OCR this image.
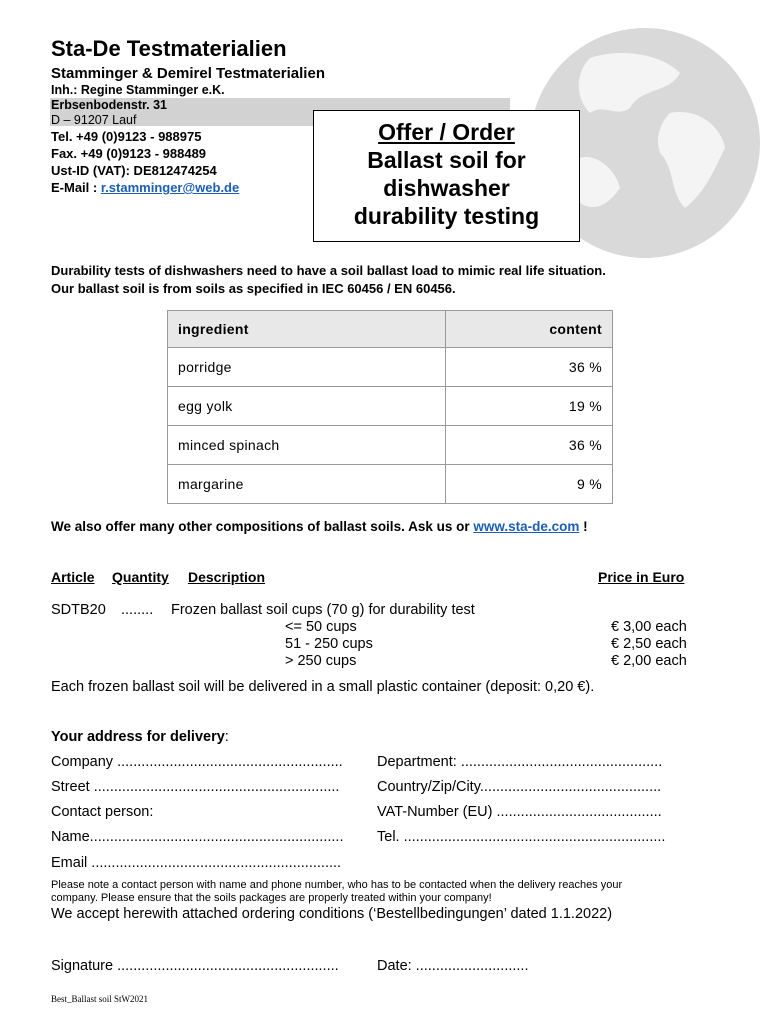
Sta-De Testmaterialien
Stamminger & Demirel Testmaterialien
Inh.: Regine Stamminger e.K.
Erbsenbodenstr. 31
D – 91207 Lauf
Tel. +49 (0)9123 - 988975
Fax. +49 (0)9123 - 988489
Ust-ID (VAT): DE812474254
E-Mail : r.stamminger@web.de
Offer / Order
Ballast soil for
dishwasher
durability testing
Durability tests of dishwashers need to have a soil ballast load to mimic real life situation.
Our ballast soil is from soils as specified in IEC 60456 / EN 60456.
ingredient	content
porridge	36 %
egg yolk	19 %
minced spinach	36 %
margarine	9 %
We also offer many other compositions of ballast soils. Ask us or www.sta-de.com !
Article Quantity Description	Price in Euro
SDTB20 ........ Frozen ballast soil cups (70 g) for durability test
<= 50 cups	€ 3,00 each
51 - 250 cups	€ 2,50 each
> 250 cups	€ 2,00 each
Each frozen ballast soil will be delivered in a small plastic container (deposit: 0,20 €).
Your address for delivery:
Company ........................................................ Department: ..................................................
Street .............................................................	Country/Zip/City.............................................
Contact person:	VAT-Number (EU) .........................................
Name............................................................... Tel. .................................................................
Email ..............................................................
Please note a contact person with name and phone number, who has to be contacted when the delivery reaches your
company. Please ensure that the soils packages are properly treated within your company!
We accept herewith attached ordering conditions (‘Bestellbedingungen’ dated 1.1.2022)
Signature .......................................................	Date: ............................
Best_Ballast soil StW2021
